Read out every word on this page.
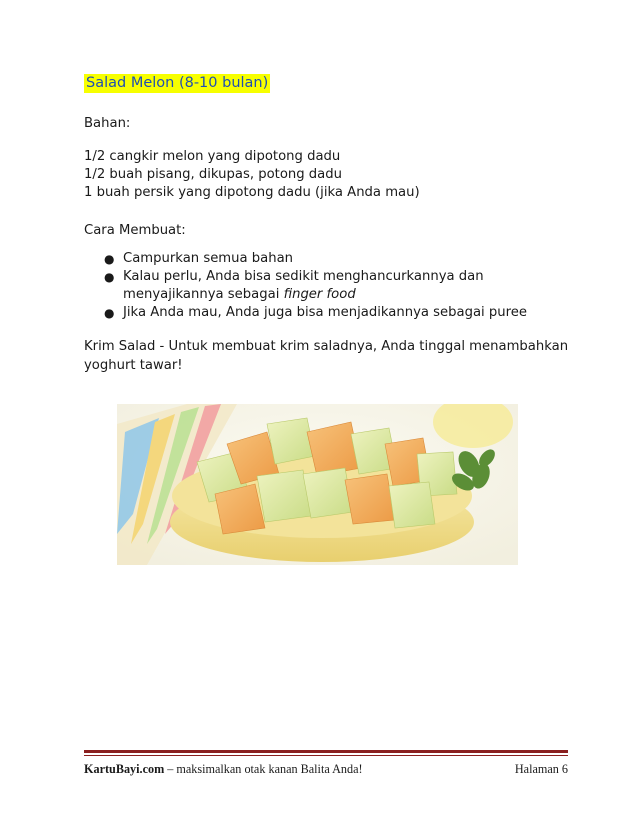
Salad Melon (8-10 bulan)
Bahan:
1/2 cangkir melon yang dipotong dadu
1/2 buah pisang, dikupas, potong dadu
1 buah persik yang dipotong dadu (jika Anda mau)
Cara Membuat:
● Campurkan semua bahan
● Kalau perlu, Anda bisa sedikit menghancurkannya dan
menyajikannya sebagai finger food
● Jika Anda mau, Anda juga bisa menjadikannya sebagai puree
Krim Salad - Untuk membuat krim saladnya, Anda tinggal menambahkan yoghurt tawar!
KartuBayi.com – maksimalkan otak kanan Balita Anda!	Halaman 6
